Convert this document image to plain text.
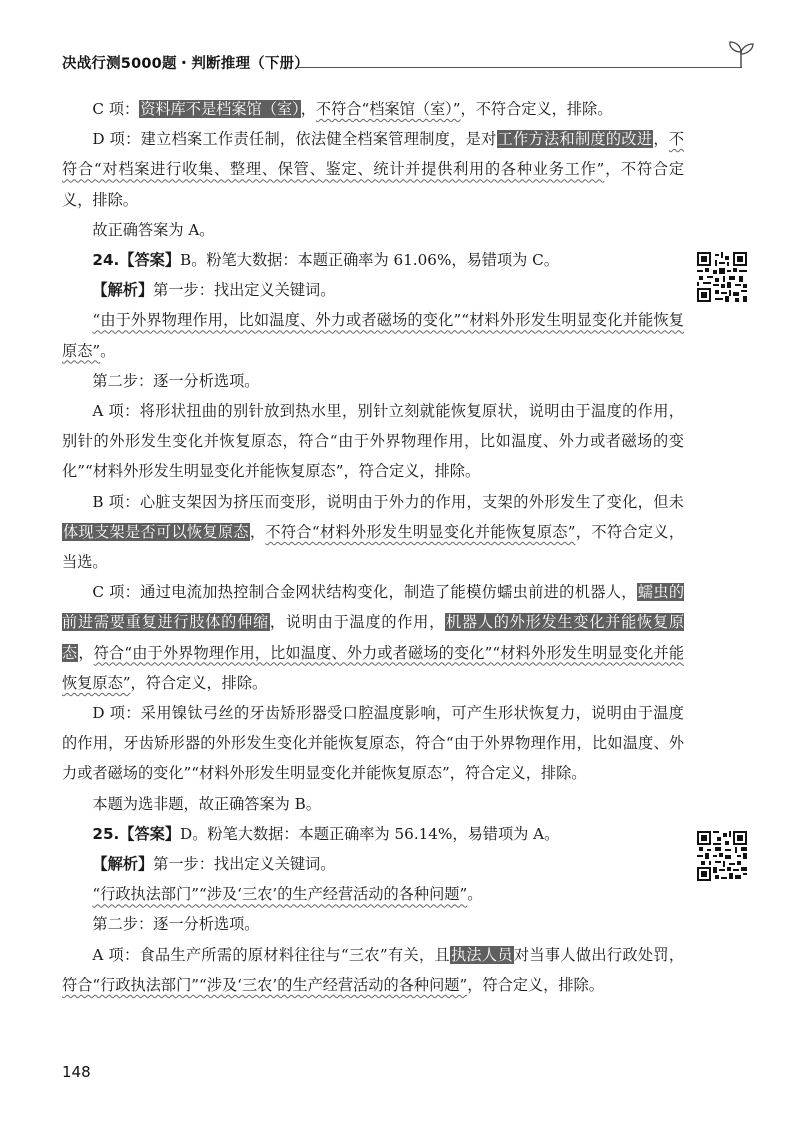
决战行测5000题・判断推理（下册）

C 项：资料库不是档案馆（室），不符合“档案馆（室）”，不符合定义，排除。

D 项：建立档案工作责任制，依法健全档案管理制度，是对工作方法和制度的改进，不符合“对档案进行收集、整理、保管、鉴定、统计并提供利用的各种业务工作”，不符合定义，排除。

故正确答案为 A。

24.【答案】B。粉笔大数据：本题正确率为 61.06%，易错项为 C。

【解析】第一步：找出定义关键词。

“由于外界物理作用，比如温度、外力或者磁场的变化”“材料外形发生明显变化并能恢复原态”。

第二步：逐一分析选项。

A 项：将形状扭曲的别针放到热水里，别针立刻就能恢复原状，说明由于温度的作用，别针的外形发生变化并恢复原态，符合“由于外界物理作用，比如温度、外力或者磁场的变化”“材料外形发生明显变化并能恢复原态”，符合定义，排除。

B 项：心脏支架因为挤压而变形，说明由于外力的作用，支架的外形发生了变化，但未体现支架是否可以恢复原态，不符合“材料外形发生明显变化并能恢复原态”，不符合定义，当选。

C 项：通过电流加热控制合金网状结构变化，制造了能模仿蠕虫前进的机器人，蠕虫的前进需要重复进行肢体的伸缩，说明由于温度的作用，机器人的外形发生变化并能恢复原态，符合“由于外界物理作用，比如温度、外力或者磁场的变化”“材料外形发生明显变化并能恢复原态”，符合定义，排除。

D 项：采用镍钛弓丝的牙齿矫形器受口腔温度影响，可产生形状恢复力，说明由于温度的作用，牙齿矫形器的外形发生变化并能恢复原态，符合“由于外界物理作用，比如温度、外力或者磁场的变化”“材料外形发生明显变化并能恢复原态”，符合定义，排除。

本题为选非题，故正确答案为 B。

25.【答案】D。粉笔大数据：本题正确率为 56.14%，易错项为 A。

【解析】第一步：找出定义关键词。

“行政执法部门”“涉及‘三农’的生产经营活动的各种问题”。

第二步：逐一分析选项。

A 项：食品生产所需的原材料往往与“三农”有关，且执法人员对当事人做出行政处罚，符合“行政执法部门”“涉及‘三农’的生产经营活动的各种问题”，符合定义，排除。

148
